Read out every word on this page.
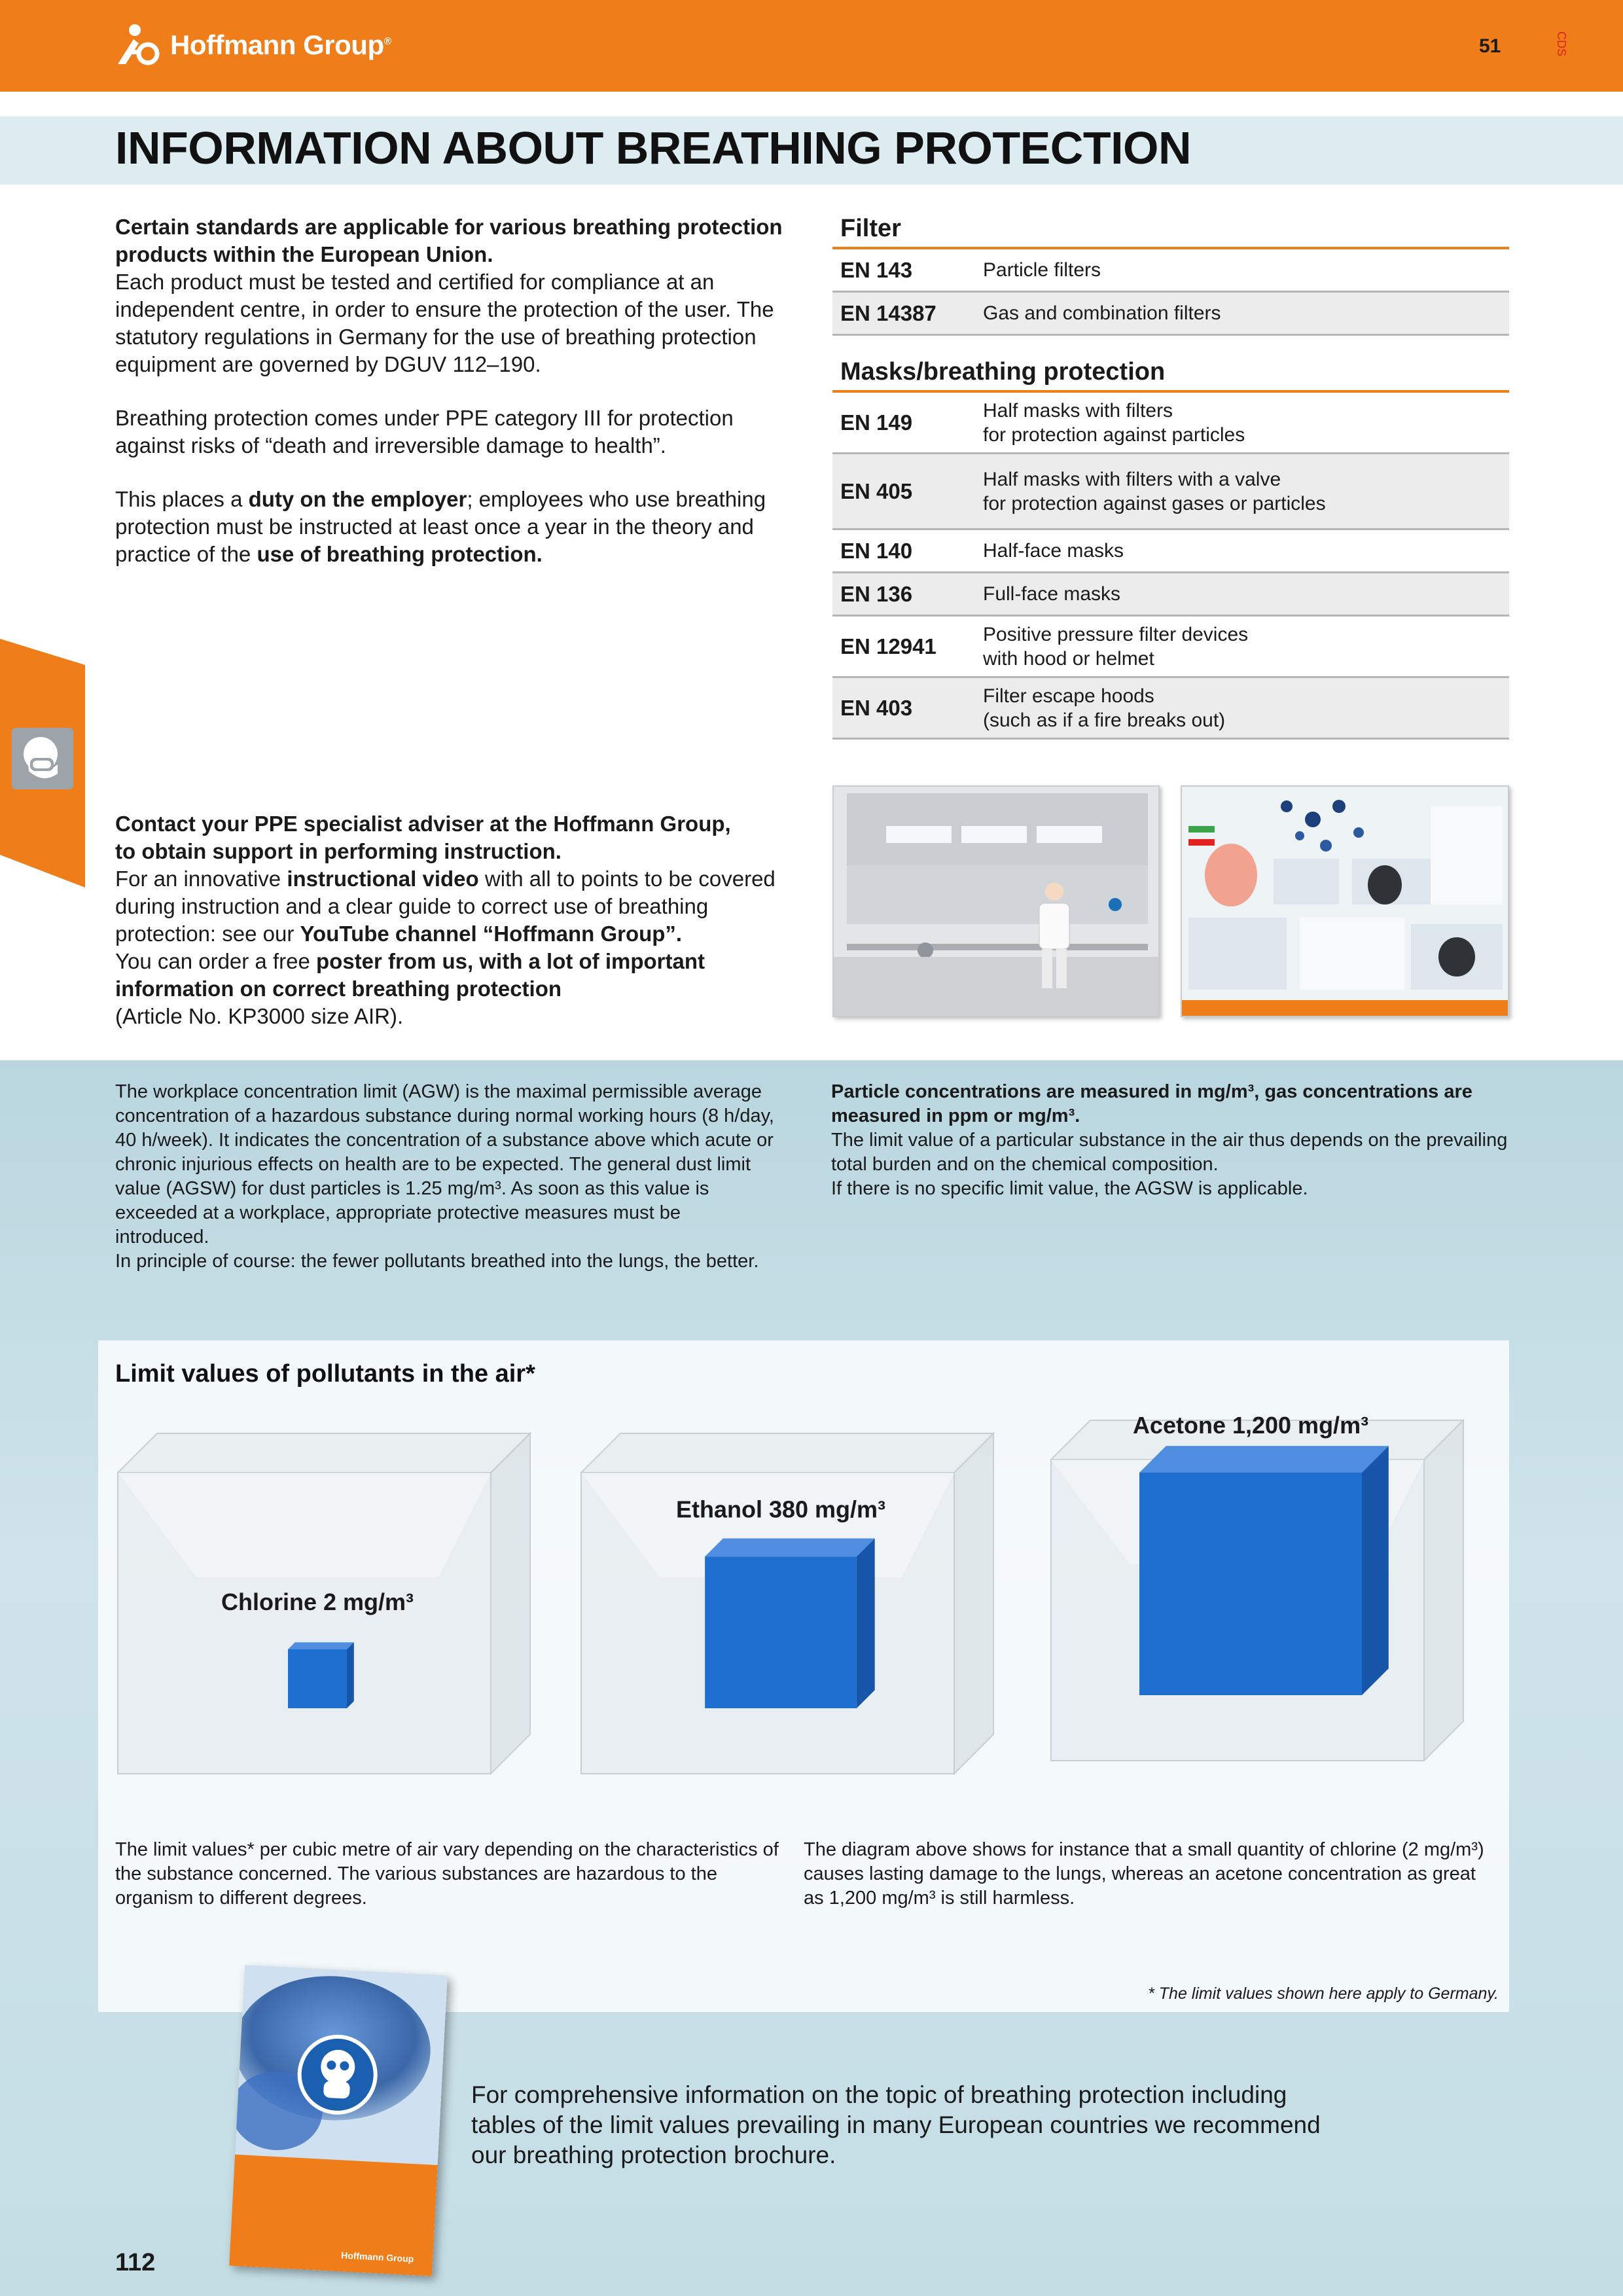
Hoffmann Group®	51	CDS
INFORMATION ABOUT BREATHING PROTECTION

Certain standards are applicable for various breathing protection products within the European Union.

Each product must be tested and certified for compliance at an independent centre, in order to ensure the protection of the user. The statutory regulations in Germany for the use of breathing protection equipment are governed by DGUV 112–190.

Breathing protection comes under PPE category III for protection against risks of “death and irreversible damage to health”.

This places a duty on the employer; employees who use breathing protection must be instructed at least once a year in the theory and practice of the use of breathing protection.

Filter
EN 143	Particle filters
EN 14387	Gas and combination filters
Masks/breathing protection
EN 149	Half masks with filters
for protection against particles
EN 405	Half masks with filters with a valve
for protection against gases or particles
EN 140	Half-face masks
EN 136	Full-face masks
EN 12941	Positive pressure filter devices
with hood or helmet
EN 403	Filter escape hoods
(such as if a fire breaks out)

Contact your PPE specialist adviser at the Hoffmann Group,

to obtain support in performing instruction.

For an innovative instructional video with all to points to be covered during instruction and a clear guide to correct use of breathing protection: see our YouTube channel “Hoffmann Group”.

You can order a free poster from us, with a lot of important information on correct breathing protection

(Article No. KP3000 size AIR).

The workplace concentration limit (AGW) is the maximal permissible average concentration of a hazardous substance during normal working hours (8 h/day, 40 h/week). It indicates the concentration of a substance above which acute or chronic injurious effects on health are to be expected. The general dust limit value (AGSW) for dust particles is 1.25 mg/m³. As soon as this value is exceeded at a workplace, appropriate protective measures must be introduced.

In principle of course: the fewer pollutants breathed into the lungs, the better.

Particle concentrations are measured in mg/m³, gas concentrations are measured in ppm or mg/m³.

The limit value of a particular substance in the air thus depends on the prevailing total burden and on the chemical composition.

If there is no specific limit value, the AGSW is applicable.

Limit values of pollutants in the air*
Chlorine 2 mg/m³
Ethanol 380 mg/m³
Acetone 1,200 mg/m³
The limit values* per cubic metre of air vary depending on the characteristics of the substance concerned. The various substances are hazardous to the organism to different degrees.
The diagram above shows for instance that a small quantity of chlorine (2 mg/m³) causes lasting damage to the lungs, whereas an acetone concentration as great as 1,200 mg/m³ is still harmless.
* The limit values shown here apply to Germany.
Hoffmann Group
For comprehensive information on the topic of breathing protection including tables of the limit values prevailing in many European countries we recommend our breathing protection brochure.
112
